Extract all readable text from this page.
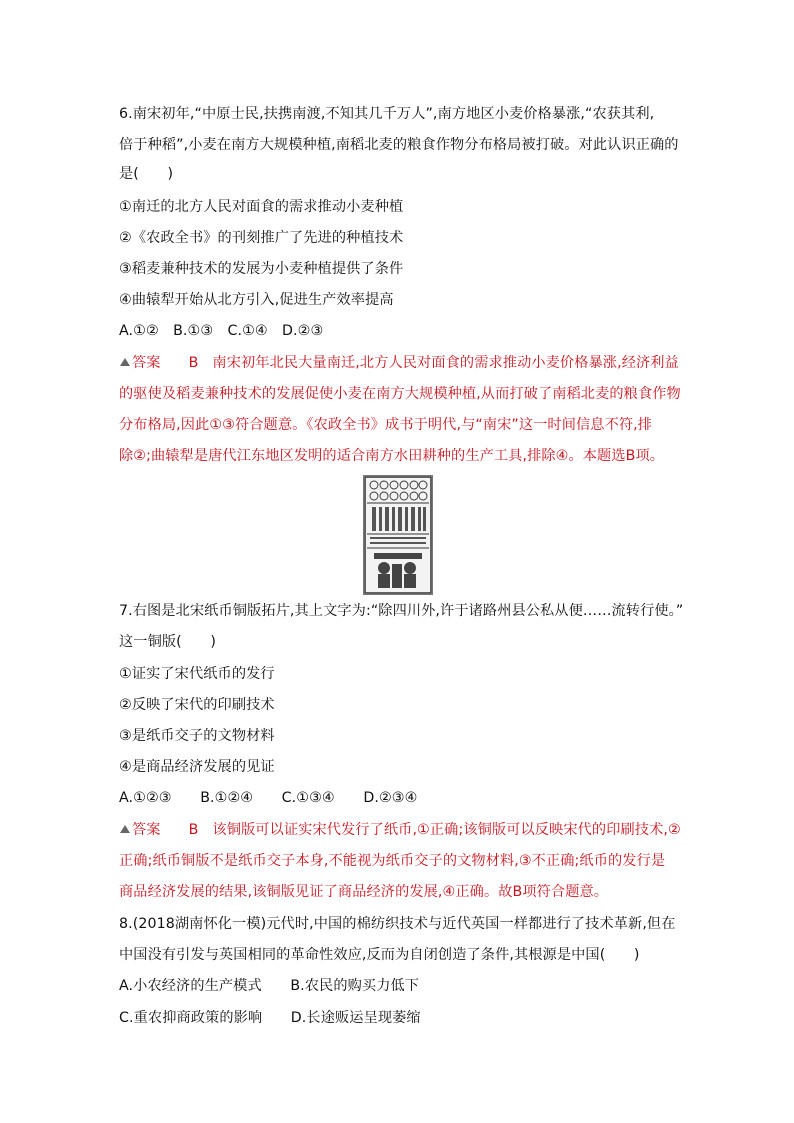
6.南宋初年,“中原士民,扶携南渡,不知其几千万人”,南方地区小麦价格暴涨,“农获其利,
倍于种稻”,小麦在南方大规模种植,南稻北麦的粮食作物分布格局被打破。对此认识正确的
是(　　)
①南迁的北方人民对面食的需求推动小麦种植
②《农政全书》的刊刻推广了先进的种植技术
③稻麦兼种技术的发展为小麦种植提供了条件
④曲辕犁开始从北方引入,促进生产效率提高
A.①②　B.①③　C.①④　D.②③
答案 B 南宋初年北民大量南迁,北方人民对面食的需求推动小麦价格暴涨,经济利益
的驱使及稻麦兼种技术的发展促使小麦在南方大规模种植,从而打破了南稻北麦的粮食作物
分布格局,因此①③符合题意。《农政全书》成书于明代,与“南宋”这一时间信息不符,排
除②;曲辕犁是唐代江东地区发明的适合南方水田耕种的生产工具,排除④。本题选B项。
7.右图是北宋纸币铜版拓片,其上文字为:“除四川外,许于诸路州县公私从便……流转行使。”
这一铜版(　　)
①证实了宋代纸币的发行
②反映了宋代的印刷技术
③是纸币交子的文物材料
④是商品经济发展的见证
A.①②③　　B.①②④　　C.①③④　　D.②③④
答案 B 该铜版可以证实宋代发行了纸币,①正确;该铜版可以反映宋代的印刷技术,②
正确;纸币铜版不是纸币交子本身,不能视为纸币交子的文物材料,③不正确;纸币的发行是
商品经济发展的结果,该铜版见证了商品经济的发展,④正确。故B项符合题意。
8.(2018湖南怀化一模)元代时,中国的棉纺织技术与近代英国一样都进行了技术革新,但在
中国没有引发与英国相同的革命性效应,反而为自闭创造了条件,其根源是中国(　　)
A.小农经济的生产模式　　B.农民的购买力低下
C.重农抑商政策的影响　　D.长途贩运呈现萎缩
